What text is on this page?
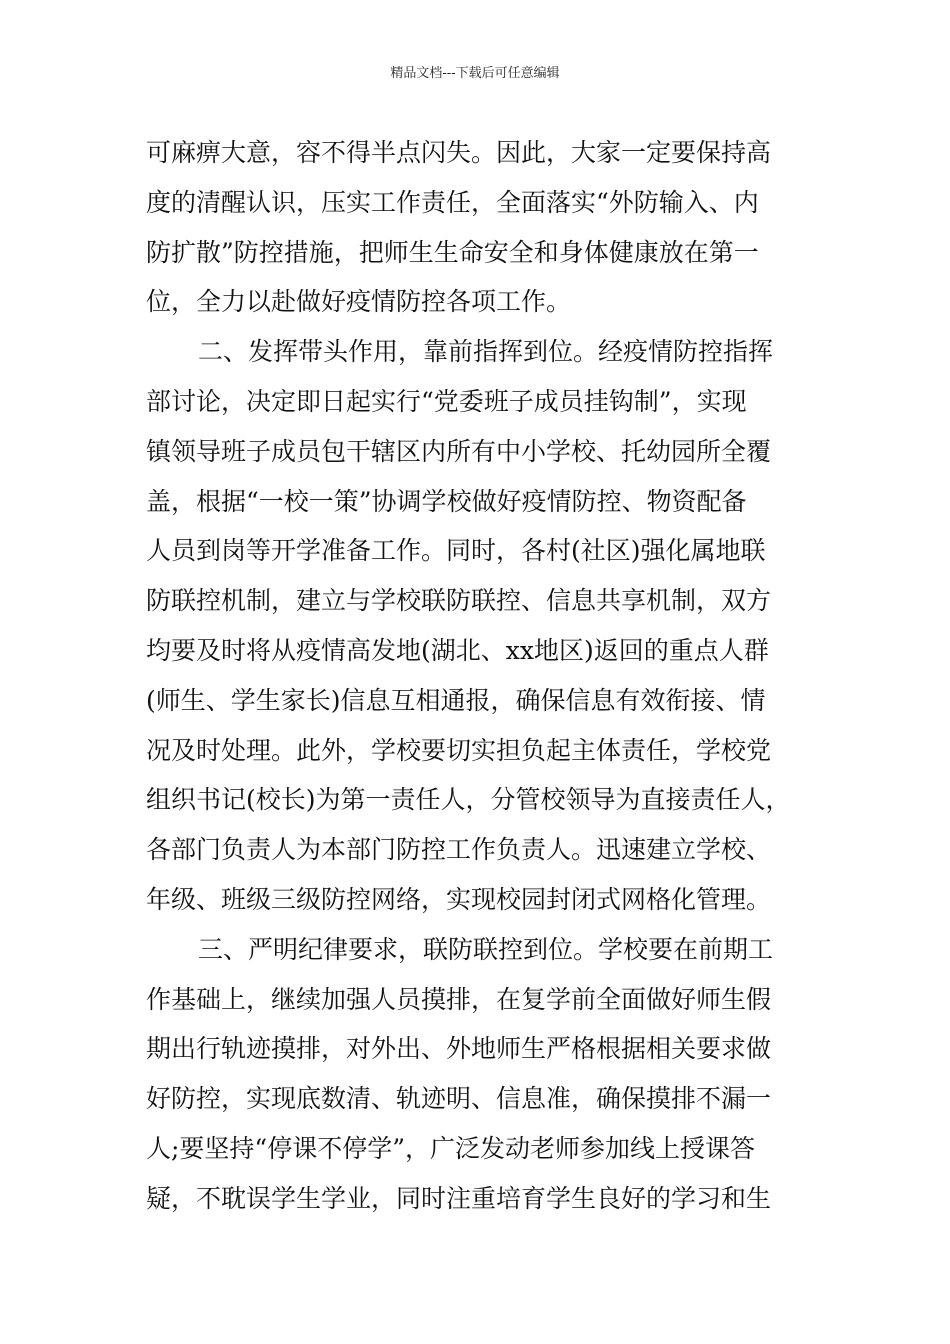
精品文档---下载后可任意编辑
可麻痹大意，容不得半点闪失。因此，大家一定要保持高
度的清醒认识，压实工作责任，全面落实“外防输入、内
防扩散”防控措施，把师生生命安全和身体健康放在第一
位，全力以赴做好疫情防控各项工作。
二、发挥带头作用，靠前指挥到位。经疫情防控指挥
部讨论，决定即日起实行“党委班子成员挂钩制”，实现
镇领导班子成员包干辖区内所有中小学校、托幼园所全覆
盖，根据“一校一策”协调学校做好疫情防控、物资配备
人员到岗等开学准备工作。同时，各村(社区)强化属地联
防联控机制，建立与学校联防联控、信息共享机制，双方
均要及时将从疫情高发地(湖北、xx地区)返回的重点人群
(师生、学生家长)信息互相通报，确保信息有效衔接、情
况及时处理。此外，学校要切实担负起主体责任，学校党
组织书记(校长)为第一责任人，分管校领导为直接责任人，
各部门负责人为本部门防控工作负责人。迅速建立学校、
年级、班级三级防控网络，实现校园封闭式网格化管理。
三、严明纪律要求，联防联控到位。学校要在前期工
作基础上，继续加强人员摸排，在复学前全面做好师生假
期出行轨迹摸排，对外出、外地师生严格根据相关要求做
好防控，实现底数清、轨迹明、信息准，确保摸排不漏一
人;要坚持“停课不停学”，广泛发动老师参加线上授课答
疑，不耽误学生学业，同时注重培育学生良好的学习和生
